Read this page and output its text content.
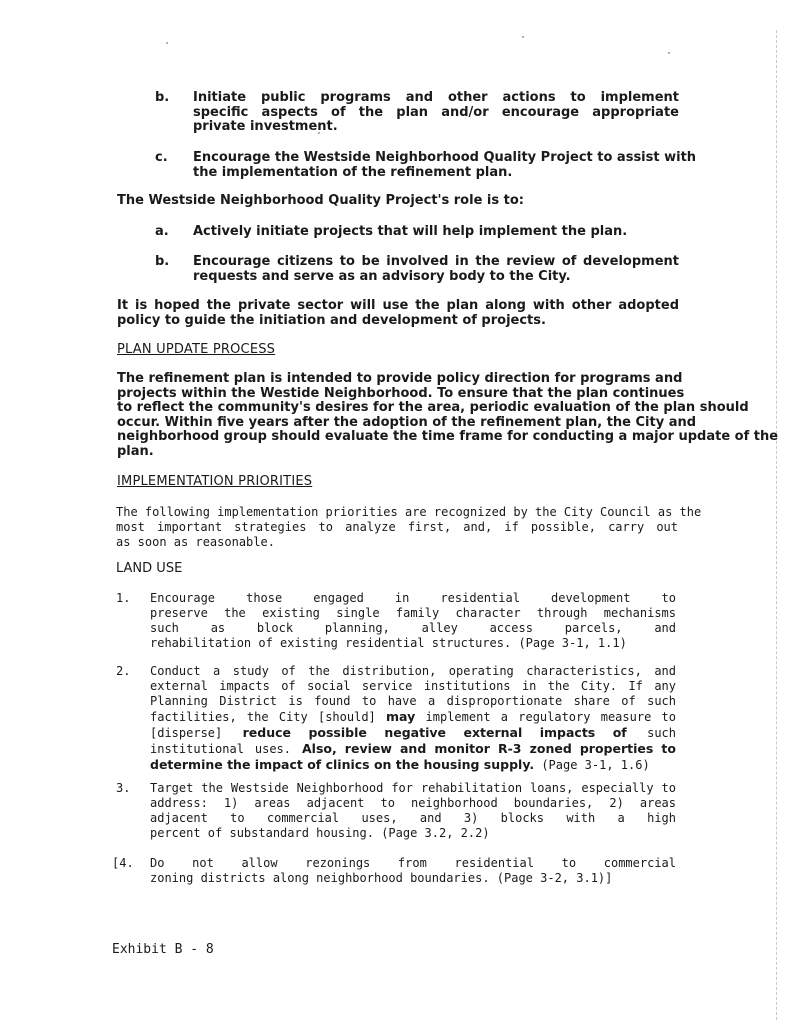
b. Initiate public programs and other actions to implement
specific aspects of the plan and/or encourage appropriate
private investment.
c. Encourage the Westside Neighborhood Quality Project to assist with
the implementation of the refinement plan.
The Westside Neighborhood Quality Project's role is to:
a. Actively initiate projects that will help implement the plan.
b. Encourage citizens to be involved in the review of development
requests and serve as an advisory body to the City.
It is hoped the private sector will use the plan along with other adopted
policy to guide the initiation and development of projects.
PLAN UPDATE PROCESS
The refinement plan is intended to provide policy direction for programs and
projects within the Westide Neighborhood. To ensure that the plan continues
to reflect the community's desires for the area, periodic evaluation of the plan should
occur. Within five years after the adoption of the refinement plan, the City and
neighborhood group should evaluate the time frame for conducting a major update of the
plan.
IMPLEMENTATION PRIORITIES
The following implementation priorities are recognized by the City Council as the
most important strategies to analyze first, and, if possible, carry out
as soon as reasonable.
LAND USE
1. Encourage those engaged in residential development to
preserve the existing single family character through mechanisms
such as block planning, alley access parcels, and
rehabilitation of existing residential structures. (Page 3-1, 1.1)
2. Conduct a study of the distribution, operating characteristics, and external impacts of social service institutions in the City. If any Planning District is found to have a disproportionate share of such factilities, the City [should] may implement a regulatory measure to [disperse] reduce possible negative external impacts of such institutional uses. Also, review and monitor R-3 zoned properties to determine the impact of clinics on the housing supply. (Page 3-1, 1.6)
3. Target the Westside Neighborhood for rehabilitation loans, especially to
address: 1) areas adjacent to neighborhood boundaries, 2) areas
adjacent to commercial uses, and 3) blocks with a high
percent of substandard housing. (Page 3.2, 2.2)
[4. Do not allow rezonings from residential to commercial
zoning districts along neighborhood boundaries. (Page 3-2, 3.1)]
Exhibit B - 8
